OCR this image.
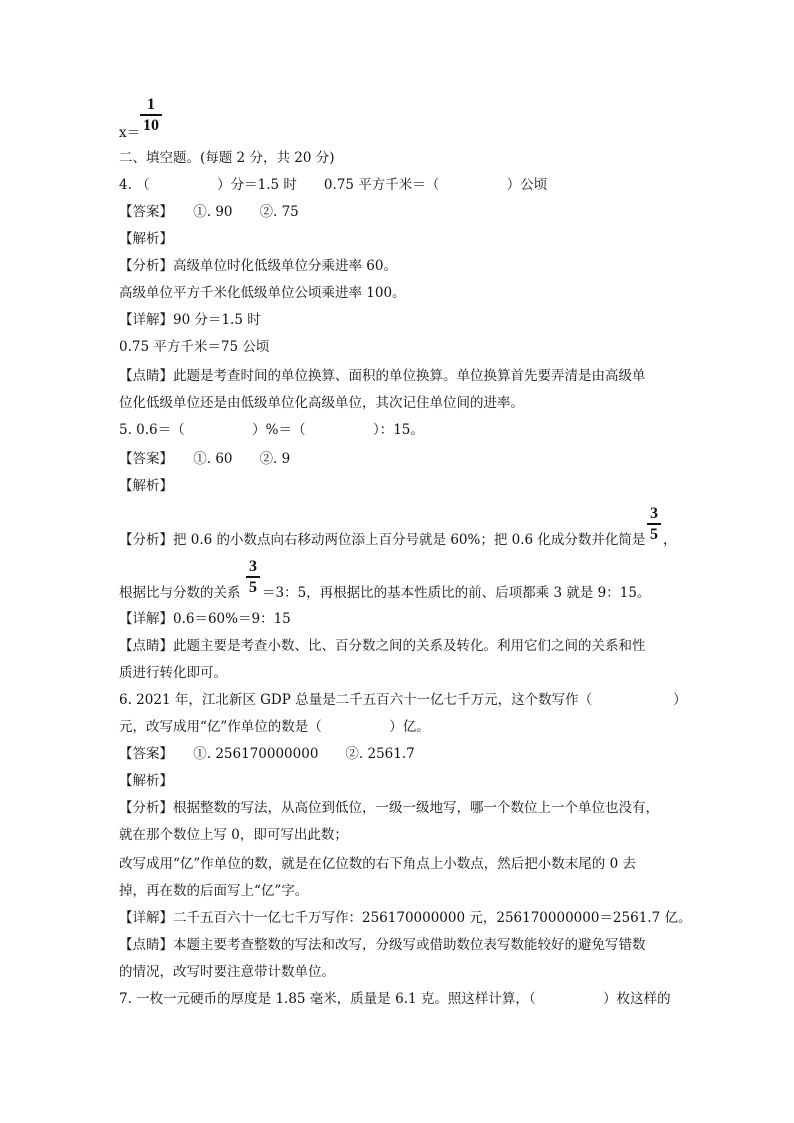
x＝
1
10
二、填空题。(每题 2 分，共 20 分)
4. （　　　　　）分＝1.5 时　　0.75 平方千米＝（　　　　　）公顷
【答案】　　①. 90　　②. 75
【解析】
【分析】高级单位时化低级单位分乘进率 60。
高级单位平方千米化低级单位公顷乘进率 100。
【详解】90 分＝1.5 时
0.75 平方千米＝75 公顷
【点睛】此题是考查时间的单位换算、面积的单位换算。单位换算首先要弄清是由高级单
位化低级单位还是由低级单位化高级单位，其次记住单位间的进率。
5. 0.6＝（　　　　　）%＝（　　　　　）：15。
【答案】　　①. 60　　②. 9
【解析】
【分析】把 0.6 的小数点向右移动两位添上百分号就是 60%；把 0.6 化成分数并化简是
3
5 ，
根据比与分数的关系
3
5 ＝3：5，再根据比的基本性质比的前、后项都乘 3 就是 9：15。
【详解】0.6＝60%＝9：15
【点睛】此题主要是考查小数、比、百分数之间的关系及转化。利用它们之间的关系和性
质进行转化即可。
6. 2021 年，江北新区 GDP 总量是二千五百六十一亿七千万元，这个数写作（　　　　　　）
元，改写成用“亿”作单位的数是（　　　　　）亿。
【答案】　　①. 256170000000　　②. 2561.7
【解析】
【分析】根据整数的写法，从高位到低位，一级一级地写，哪一个数位上一个单位也没有，
就在那个数位上写 0，即可写出此数；
改写成用“亿”作单位的数，就是在亿位数的右下角点上小数点，然后把小数末尾的 0 去
掉，再在数的后面写上“亿”字。
【详解】二千五百六十一亿七千万写作：256170000000 元，256170000000＝2561.7 亿。
【点睛】本题主要考查整数的写法和改写，分级写或借助数位表写数能较好的避免写错数
的情况，改写时要注意带计数单位。
7. 一枚一元硬币的厚度是 1.85 毫米，质量是 6.1 克。照这样计算，（　　　　　）枚这样的
